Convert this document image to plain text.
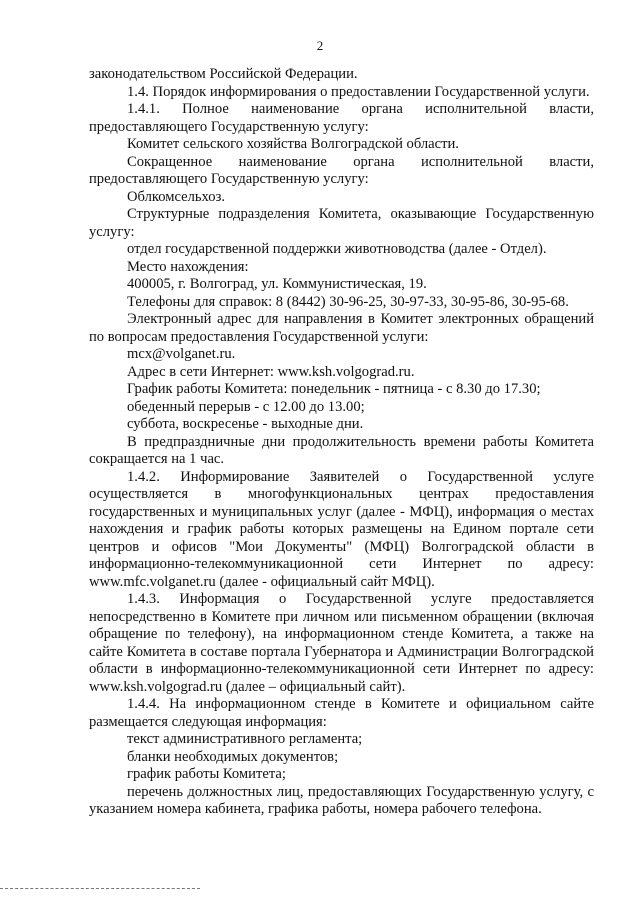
2

законодательством Российской Федерации.

1.4. Порядок информирования о предоставлении Государственной услуги.

1.4.1. Полное наименование органа исполнительной власти, предоставляющего Государственную услугу:

Комитет сельского хозяйства Волгоградской области.

Сокращенное наименование органа исполнительной власти, предоставляющего Государственную услугу:

Облкомсельхоз.

Структурные подразделения Комитета, оказывающие Государственную услугу:

отдел государственной поддержки животноводства (далее - Отдел).

Место нахождения:

400005, г. Волгоград, ул. Коммунистическая, 19.

Телефоны для справок: 8 (8442) 30-96-25, 30-97-33, 30-95-86, 30-95-68.

Электронный адрес для направления в Комитет электронных обращений по вопросам предоставления Государственной услуги:

mcx@volganet.ru.

Адрес в сети Интернет: www.ksh.volgograd.ru.

График работы Комитета: понедельник - пятница - с 8.30 до 17.30;

обеденный перерыв - с 12.00 до 13.00;

суббота, воскресенье - выходные дни.

В предпраздничные дни продолжительность времени работы Комитета сокращается на 1 час.

1.4.2. Информирование Заявителей о Государственной услуге осуществляется в многофункциональных центрах предоставления государственных и муниципальных услуг (далее - МФЦ), информация о местах нахождения и график работы которых размещены на Едином портале сети центров и офисов "Мои Документы" (МФЦ) Волгоградской области в информационно-телекоммуникационной сети Интернет по адресу: www.mfc.volganet.ru (далее - официальный сайт МФЦ).

1.4.3. Информация о Государственной услуге предоставляется непосредственно в Комитете при личном или письменном обращении (включая обращение по телефону), на информационном стенде Комитета, а также на сайте Комитета в составе портала Губернатора и Администрации Волгоградской области в информационно-телекоммуникационной сети Интернет по адресу: www.ksh.volgograd.ru (далее – официальный сайт).

1.4.4. На информационном стенде в Комитете и официальном сайте размещается следующая информация:

текст административного регламента;

бланки необходимых документов;

график работы Комитета;

перечень должностных лиц, предоставляющих Государственную услугу, с указанием номера кабинета, графика работы, номера рабочего телефона.
